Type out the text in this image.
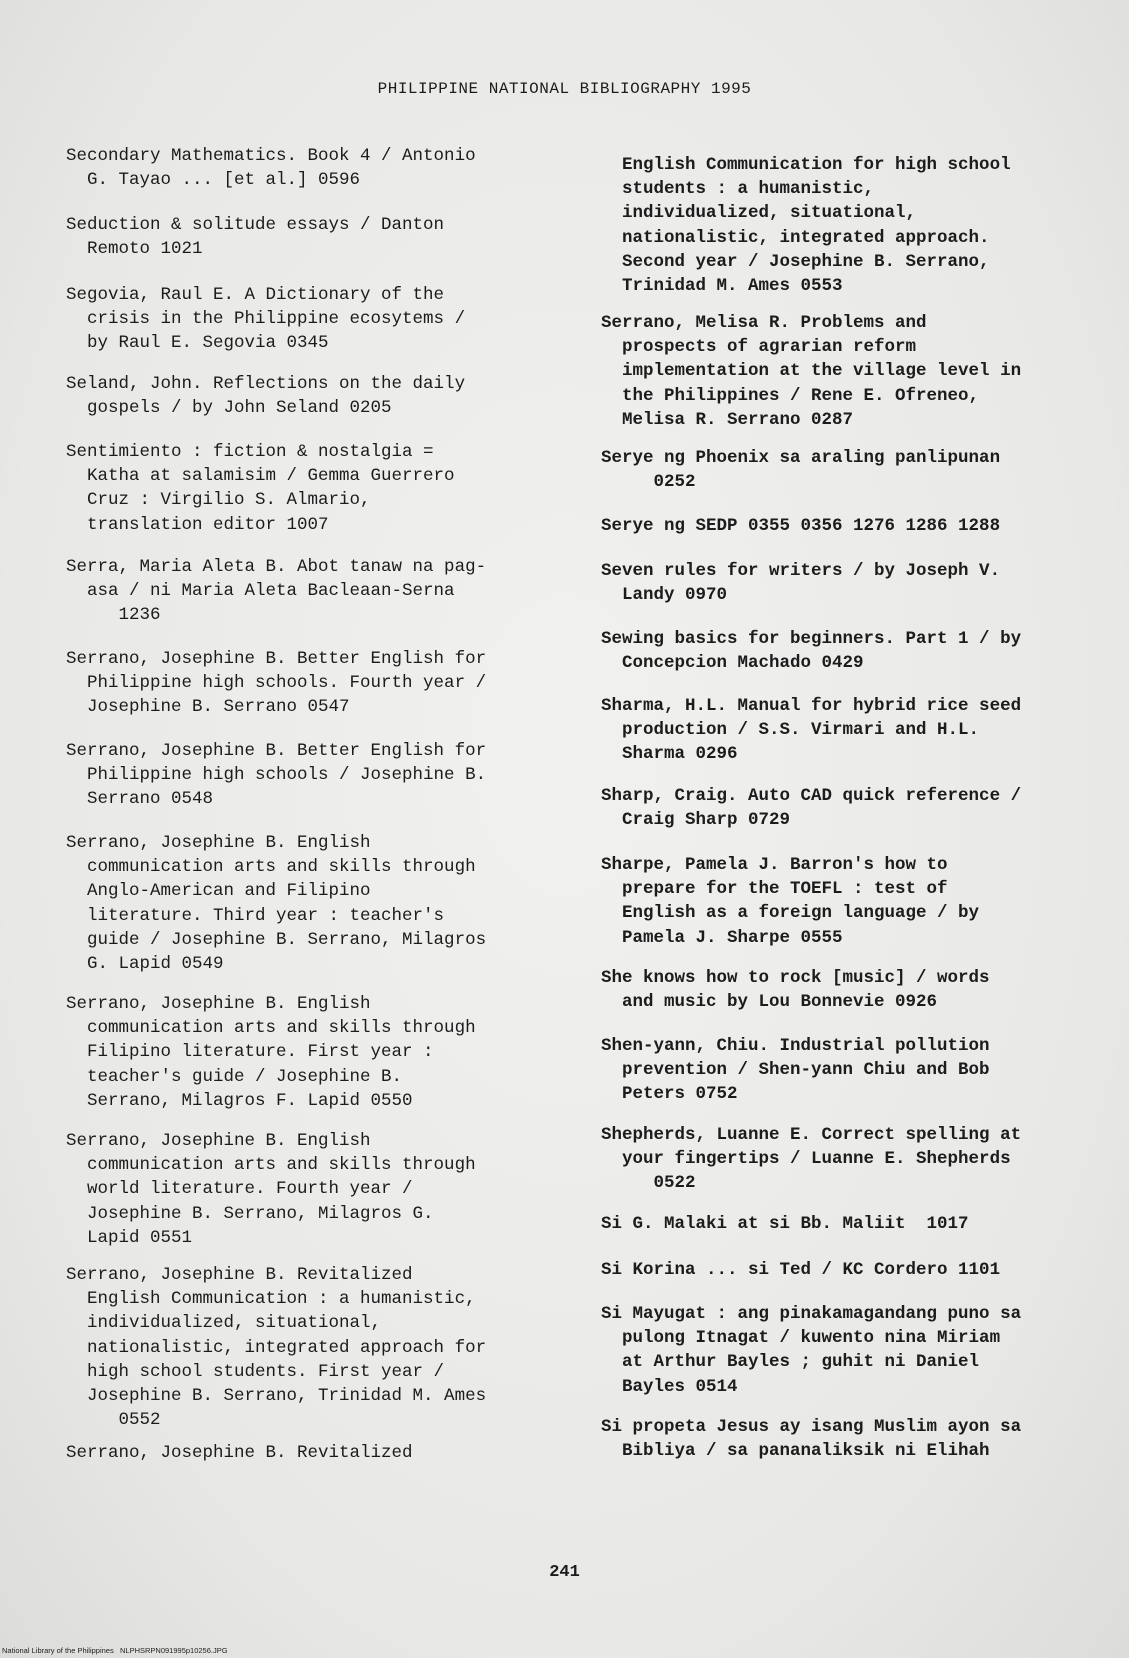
PHILIPPINE NATIONAL BIBLIOGRAPHY 1995
Secondary Mathematics. Book 4 / Antonio
G. Tayao ... [et al.] 0596
Seduction & solitude essays / Danton
Remoto 1021
Segovia, Raul E. A Dictionary of the
crisis in the Philippine ecosytems /
by Raul E. Segovia 0345
Seland, John. Reflections on the daily
gospels / by John Seland 0205
Sentimiento : fiction & nostalgia =
Katha at salamisim / Gemma Guerrero
Cruz : Virgilio S. Almario,
translation editor 1007
Serra, Maria Aleta B. Abot tanaw na pag-
asa / ni Maria Aleta Bacleaan-Serna
1236
Serrano, Josephine B. Better English for
Philippine high schools. Fourth year /
Josephine B. Serrano 0547
Serrano, Josephine B. Better English for
Philippine high schools / Josephine B.
Serrano 0548
Serrano, Josephine B. English
communication arts and skills through
Anglo-American and Filipino
literature. Third year : teacher's
guide / Josephine B. Serrano, Milagros
G. Lapid 0549
Serrano, Josephine B. English
communication arts and skills through
Filipino literature. First year :
teacher's guide / Josephine B.
Serrano, Milagros F. Lapid 0550
Serrano, Josephine B. English
communication arts and skills through
world literature. Fourth year /
Josephine B. Serrano, Milagros G.
Lapid 0551
Serrano, Josephine B. Revitalized
English Communication : a humanistic,
individualized, situational,
nationalistic, integrated approach for
high school students. First year /
Josephine B. Serrano, Trinidad M. Ames
0552
Serrano, Josephine B. Revitalized
English Communication for high school
students : a humanistic,
individualized, situational,
nationalistic, integrated approach.
Second year / Josephine B. Serrano,
Trinidad M. Ames 0553
Serrano, Melisa R. Problems and
prospects of agrarian reform
implementation at the village level in
the Philippines / Rene E. Ofreneo,
Melisa R. Serrano 0287
Serye ng Phoenix sa araling panlipunan
0252
Serye ng SEDP 0355 0356 1276 1286 1288
Seven rules for writers / by Joseph V.
Landy 0970
Sewing basics for beginners. Part 1 / by
Concepcion Machado 0429
Sharma, H.L. Manual for hybrid rice seed
production / S.S. Virmari and H.L.
Sharma 0296
Sharp, Craig. Auto CAD quick reference /
Craig Sharp 0729
Sharpe, Pamela J. Barron's how to
prepare for the TOEFL : test of
English as a foreign language / by
Pamela J. Sharpe 0555
She knows how to rock [music] / words
and music by Lou Bonnevie 0926
Shen-yann, Chiu. Industrial pollution
prevention / Shen-yann Chiu and Bob
Peters 0752
Shepherds, Luanne E. Correct spelling at
your fingertips / Luanne E. Shepherds
0522
Si G. Malaki at si Bb. Maliit  1017
Si Korina ... si Ted / KC Cordero 1101
Si Mayugat : ang pinakamagandang puno sa
pulong Itnagat / kuwento nina Miriam
at Arthur Bayles ; guhit ni Daniel
Bayles 0514
Si propeta Jesus ay isang Muslim ayon sa
Bibliya / sa pananaliksik ni Elihah
241
National Library of the Philippines NLPHSRPN091995p10256.JPG
